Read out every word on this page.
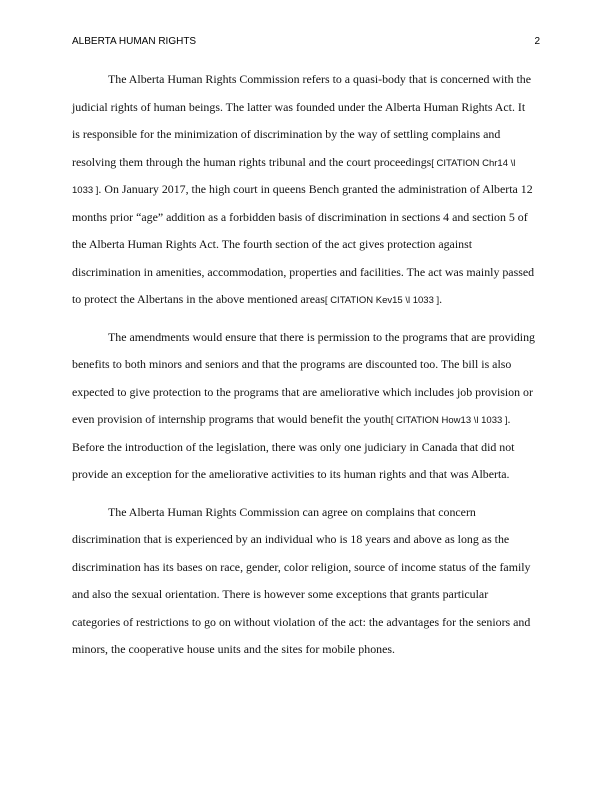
ALBERTA HUMAN RIGHTS	2
The Alberta Human Rights Commission refers to a quasi-body that is concerned with the
judicial rights of human beings. The latter was founded under the Alberta Human Rights Act. It
is responsible for the minimization of discrimination by the way of settling complains and
resolving them through the human rights tribunal and the court proceedings[ CITATION Chr14 \l
1033 ]. On January 2017, the high court in queens Bench granted the administration of Alberta 12
months prior “age” addition as a forbidden basis of discrimination in sections 4 and section 5 of
the Alberta Human Rights Act. The fourth section of the act gives protection against
discrimination in amenities, accommodation, properties and facilities. The act was mainly passed
to protect the Albertans in the above mentioned areas[ CITATION Kev15 \l 1033 ].
The amendments would ensure that there is permission to the programs that are providing
benefits to both minors and seniors and that the programs are discounted too. The bill is also
expected to give protection to the programs that are ameliorative which includes job provision or
even provision of internship programs that would benefit the youth[ CITATION How13 \l 1033 ].
Before the introduction of the legislation, there was only one judiciary in Canada that did not
provide an exception for the ameliorative activities to its human rights and that was Alberta.
The Alberta Human Rights Commission can agree on complains that concern
discrimination that is experienced by an individual who is 18 years and above as long as the
discrimination has its bases on race, gender, color religion, source of income status of the family
and also the sexual orientation. There is however some exceptions that grants particular
categories of restrictions to go on without violation of the act: the advantages for the seniors and
minors, the cooperative house units and the sites for mobile phones.
